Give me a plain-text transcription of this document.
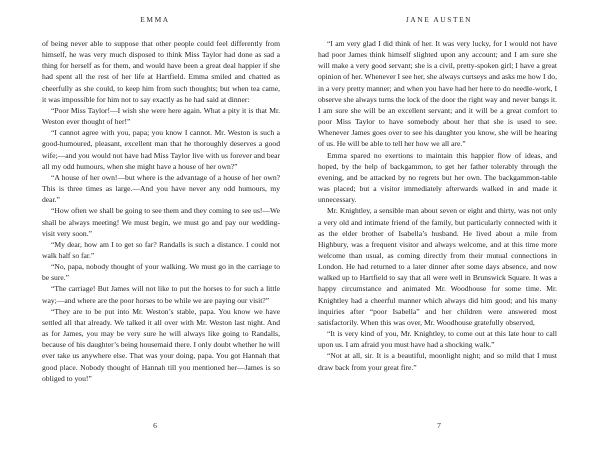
EMMA

of being never able to suppose that other people could feel differently from himself, he was very much disposed to think Miss Taylor had done as sad a thing for herself as for them, and would have been a great deal happier if she had spent all the rest of her life at Hartfield. Emma smiled and chatted as cheerfully as she could, to keep him from such thoughts; but when tea came, it was impossible for him not to say exactly as he had said at dinner:

“Poor Miss Taylor!—I wish she were here again. What a pity it is that Mr. Weston ever thought of her!”

“I cannot agree with you, papa; you know I cannot. Mr. Weston is such a good-humoured, pleasant, excellent man that he thoroughly deserves a good wife;—and you would not have had Miss Taylor live with us forever and bear all my odd humours, when she might have a house of her own?”

“A house of her own!—but where is the advantage of a house of her own? This is three times as large.—And you have never any odd humours, my dear.”

“How often we shall be going to see them and they coming to see us!—We shall be always meeting! We must begin, we must go and pay our wedding-visit very soon.”

“My dear, how am I to get so far? Randalls is such a distance. I could not walk half so far.”

“No, papa, nobody thought of your walking. We must go in the carriage to be sure.”

“The carriage! But James will not like to put the horses to for such a little way;—and where are the poor horses to be while we are paying our visit?”

“They are to be put into Mr. Weston’s stable, papa. You know we have settled all that already. We talked it all over with Mr. Weston last night. And as for James, you may be very sure he will always like going to Randalls, because of his daughter’s being housemaid there. I only doubt whether he will ever take us anywhere else. That was your doing, papa. You got Hannah that good place. Nobody thought of Hannah till you mentioned her—James is so obliged to you!”

6

JANE AUSTEN

“I am very glad I did think of her. It was very lucky, for I would not have had poor James think himself slighted upon any account; and I am sure she will make a very good servant; she is a civil, pretty-spoken girl; I have a great opinion of her. Whenever I see her, she always curtseys and asks me how I do, in a very pretty manner; and when you have had her here to do needle-work, I observe she always turns the lock of the door the right way and never bangs it. I am sure she will be an excellent servant; and it will be a great comfort to poor Miss Taylor to have somebody about her that she is used to see. Whenever James goes over to see his daughter you know, she will be hearing of us. He will be able to tell her how we all are.”

Emma spared no exertions to maintain this happier flow of ideas, and hoped, by the help of backgammon, to get her father tolerably through the evening, and be attacked by no regrets but her own. The backgammon-table was placed; but a visitor immediately afterwards walked in and made it unnecessary.

Mr. Knightley, a sensible man about seven or eight and thirty, was not only a very old and intimate friend of the family, but particularly connected with it as the elder brother of Isabella’s husband. He lived about a mile from Highbury, was a frequent visitor and always welcome, and at this time more welcome than usual, as coming directly from their mutual connections in London. He had returned to a later dinner after some days absence, and now walked up to Hartfield to say that all were well in Brunswick Square. It was a happy circumstance and animated Mr. Woodhouse for some time. Mr. Knightley had a cheerful manner which always did him good; and his many inquiries after “poor Isabella” and her children were answered most satisfactorily. When this was over, Mr. Woodhouse gratefully observed,

“It is very kind of you, Mr. Knightley, to come out at this late hour to call upon us. I am afraid you must have had a shocking walk.”

“Not at all, sir. It is a beautiful, moonlight night; and so mild that I must draw back from your great fire.”

7
